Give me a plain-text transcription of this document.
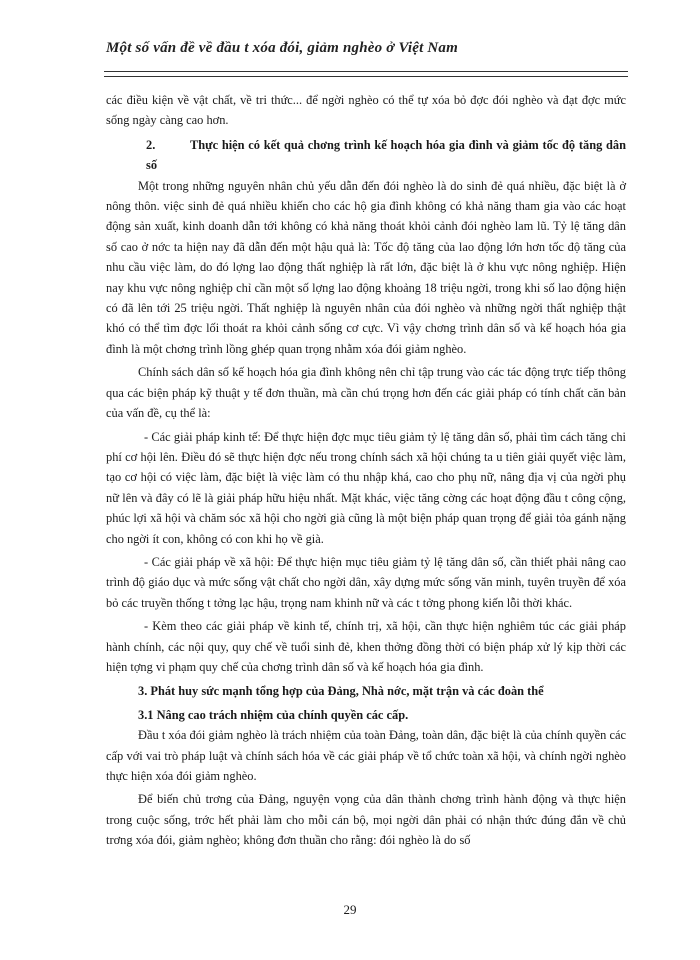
Một số vấn đề về đầu t xóa đói, giảm nghèo ở Việt Nam

các điều kiện về vật chất, về tri thức... để ngời nghèo có thể tự xóa bỏ đợc đói nghèo và đạt đợc mức sống ngày càng cao hơn.

2.	Thực hiện có kết quả chơng trình kế hoạch hóa gia đình và giảm tốc độ tăng dân số

Một trong những nguyên nhân chủ yếu dẫn đến đói nghèo là do sinh đẻ quá nhiều, đặc biệt là ở nông thôn. việc sinh đẻ quá nhiều khiến cho các hộ gia đình không có khả năng tham gia vào các hoạt động sản xuất, kinh doanh dẫn tới không có khả năng thoát khỏi cảnh đói nghèo lam lũ. Tỷ lệ tăng dân số cao ở nớc ta hiện nay đã dẫn đến một hậu quả là: Tốc độ tăng của lao động lớn hơn tốc độ tăng của nhu cầu việc làm, do đó lợng lao động thất nghiệp là rất lớn, đặc biệt là ở khu vực nông nghiệp. Hiện nay khu vực nông nghiệp chỉ cần một số lợng lao động khoảng 18 triệu ngời, trong khi số lao động hiện có đã lên tới 25 triệu ngời. Thất nghiệp là nguyên nhân của đói nghèo và những ngời thất nghiệp thật khó có thể tìm đợc lối thoát ra khỏi cảnh sống cơ cực. Vì vậy chơng trình dân số và kế hoạch hóa gia đình là một chơng trình lồng ghép quan trọng nhằm xóa đói giảm nghèo.

Chính sách dân số kế hoạch hóa gia đình không nên chỉ tập trung vào các tác động trực tiếp thông qua các biện pháp kỹ thuật y tế đơn thuần, mà cần chú trọng hơn đến các giải pháp có tính chất căn bản của vấn đề, cụ thể là:

- Các giải pháp kinh tế: Để thực hiện đợc mục tiêu giảm tỷ lệ tăng dân số, phải tìm cách tăng chi phí cơ hội lên. Điều đó sẽ thực hiện đợc nếu trong chính sách xã hội chúng ta u tiên giải quyết việc làm, tạo cơ hội có việc làm, đặc biệt là việc làm có thu nhập khá, cao cho phụ nữ, nâng địa vị của ngời phụ nữ lên và đây có lẽ là giải pháp hữu hiệu nhất. Mặt khác, việc tăng cờng các hoạt động đầu t công cộng, phúc lợi xã hội và chăm sóc xã hội cho ngời già cũng là một biện pháp quan trọng để giải tỏa gánh nặng cho ngời ít con, không có con khi họ về già.

- Các giải pháp về xã hội: Để thực hiện mục tiêu giảm tỷ lệ tăng dân số, cần thiết phải nâng cao trình độ giáo dục và mức sống vật chất cho ngời dân, xây dựng mức sống văn minh, tuyên truyền để xóa bỏ các truyền thống t tởng lạc hậu, trọng nam khinh nữ và các t tởng phong kiến lỗi thời khác.

- Kèm theo các giải pháp về kinh tế, chính trị, xã hội, cần thực hiện nghiêm túc các giải pháp hành chính, các nội quy, quy chế về tuổi sinh đẻ, khen thởng đồng thời có biện pháp xử lý kịp thời các hiện tợng vi phạm quy chế của chơng trình dân số và kế hoạch hóa gia đình.

3. Phát huy sức mạnh tổng hợp của Đảng, Nhà nớc, mặt trận và các đoàn thể

3.1 Nâng cao trách nhiệm của chính quyền các cấp.

Đầu t xóa đói giảm nghèo là trách nhiệm của toàn Đảng, toàn dân, đặc biệt là của chính quyền các cấp với vai trò pháp luật và chính sách hóa về các giải pháp về tổ chức toàn xã hội, và chính ngời nghèo thực hiện xóa đói giảm nghèo.

Để biến chủ trơng của Đảng, nguyện vọng của dân thành chơng trình hành động và thực hiện trong cuộc sống, trớc hết phải làm cho mỗi cán bộ, mọi ngời dân phải có nhận thức đúng đắn về chủ trơng xóa đói, giảm nghèo; không đơn thuần cho rằng: đói nghèo là do số

29
